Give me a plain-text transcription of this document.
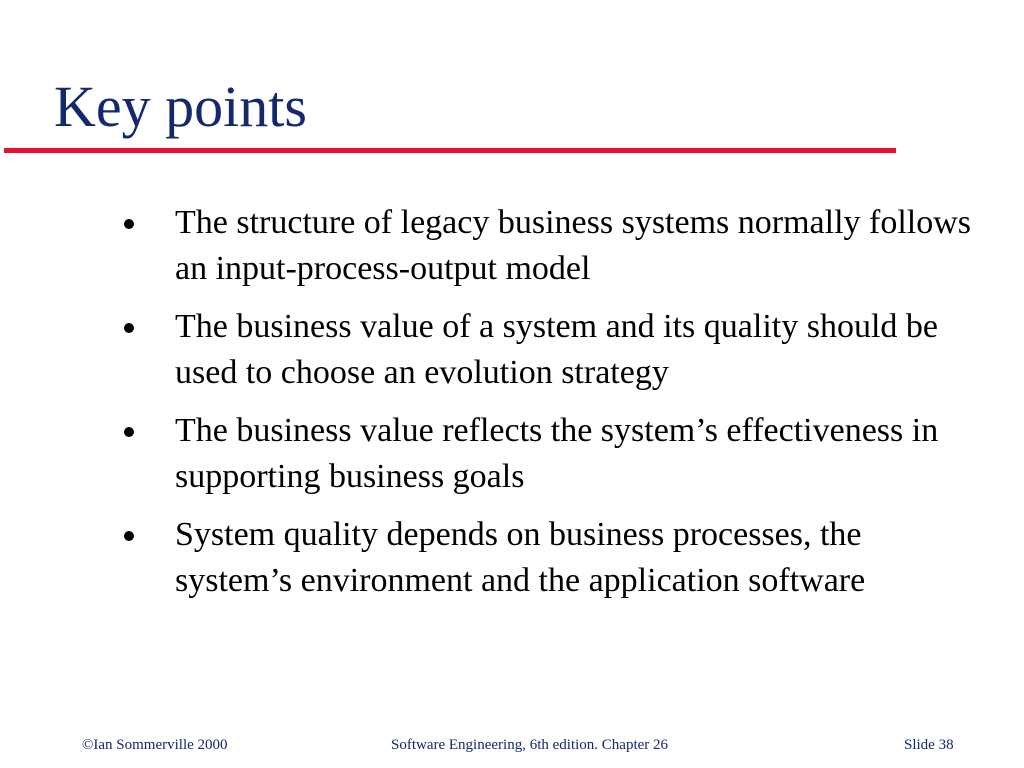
Key points
The structure of legacy business systems normally follows an input-process-output model
The business value of a system and its quality should be used to choose an evolution strategy
The business value reflects the system’s effectiveness in supporting business goals
System quality depends on business processes, the system’s environment and the application software
©Ian Sommerville 2000	Software Engineering, 6th edition. Chapter 26	Slide 38
